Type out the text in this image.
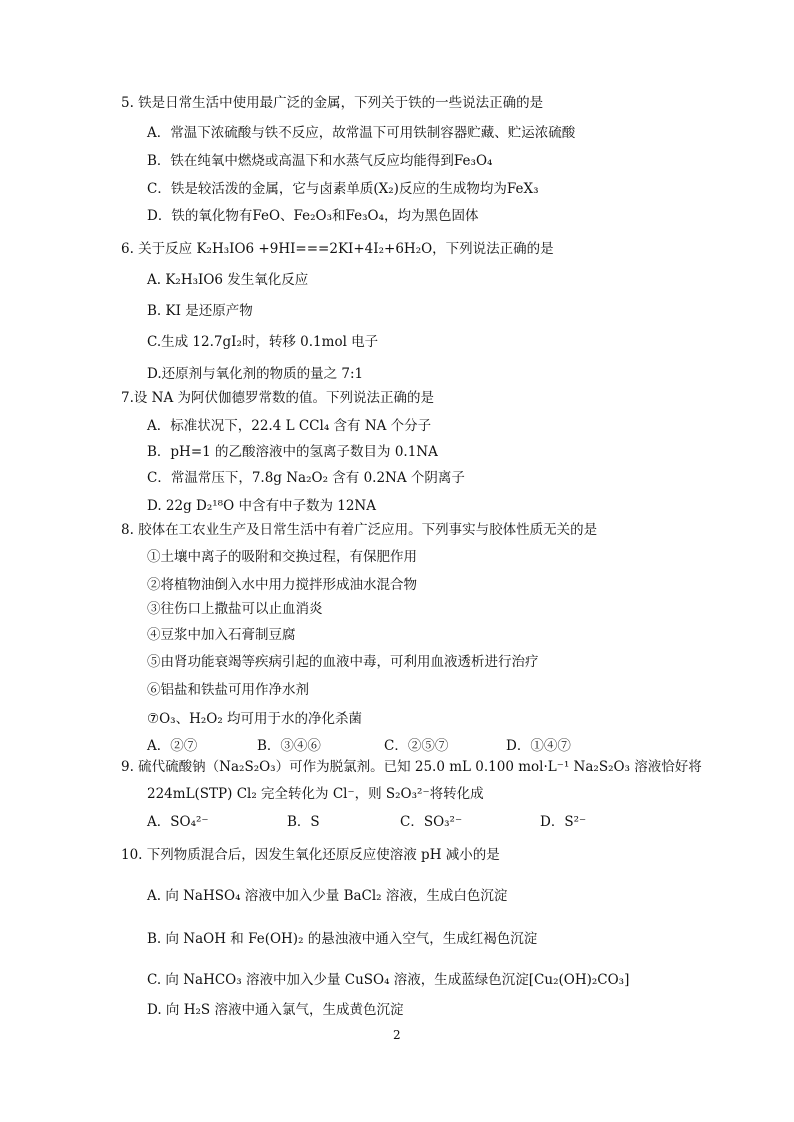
5. 铁是日常生活中使用最广泛的金属，下列关于铁的一些说法正确的是
A．常温下浓硫酸与铁不反应，故常温下可用铁制容器贮藏、贮运浓硫酸
B．铁在纯氧中燃烧或高温下和水蒸气反应均能得到Fe₃O₄
C．铁是较活泼的金属，它与卤素单质(X₂)反应的生成物均为FeX₃
D．铁的氧化物有FeO、Fe₂O₃和Fe₃O₄，均为黑色固体
6. 关于反应 K₂H₃IO6 +9HI===2KI+4I₂+6H₂O，下列说法正确的是
A. K₂H₃IO6 发生氧化反应
B. KI 是还原产物
C.生成 12.7gI₂时，转移 0.1mol 电子
D.还原剂与氧化剂的物质的量之 7:1
7.设 NA 为阿伏伽德罗常数的值。下列说法正确的是
A．标准状况下，22.4 L CCl₄ 含有 NA 个分子
B．pH=1 的乙酸溶液中的氢离子数目为 0.1NA
C．常温常压下，7.8g Na₂O₂ 含有 0.2NA 个阴离子
D. 22g D₂¹⁸O 中含有中子数为 12NA
8. 胶体在工农业生产及日常生活中有着广泛应用。下列事实与胶体性质无关的是
①土壤中离子的吸附和交换过程，有保肥作用
②将植物油倒入水中用力搅拌形成油水混合物
③往伤口上撒盐可以止血消炎
④豆浆中加入石膏制豆腐
⑤由肾功能衰竭等疾病引起的血液中毒，可利用血液透析进行治疗
⑥铝盐和铁盐可用作净水剂
⑦O₃、H₂O₂ 均可用于水的净化杀菌
A．②⑦	B．③④⑥	C．②⑤⑦	D．①④⑦
9. 硫代硫酸钠（Na₂S₂O₃）可作为脱氯剂。已知 25.0 mL 0.100 mol·L⁻¹ Na₂S₂O₃ 溶液恰好将
224mL(STP) Cl₂ 完全转化为 Cl⁻，则 S₂O₃²⁻将转化成
A．SO₄²⁻	B．S	C．SO₃²⁻	D．S²⁻
10. 下列物质混合后，因发生氧化还原反应使溶液 pH 减小的是
A. 向 NaHSO₄ 溶液中加入少量 BaCl₂ 溶液，生成白色沉淀
B. 向 NaOH 和 Fe(OH)₂ 的悬浊液中通入空气，生成红褐色沉淀
C. 向 NaHCO₃ 溶液中加入少量 CuSO₄ 溶液，生成蓝绿色沉淀[Cu₂(OH)₂CO₃]
D. 向 H₂S 溶液中通入氯气，生成黄色沉淀
2
